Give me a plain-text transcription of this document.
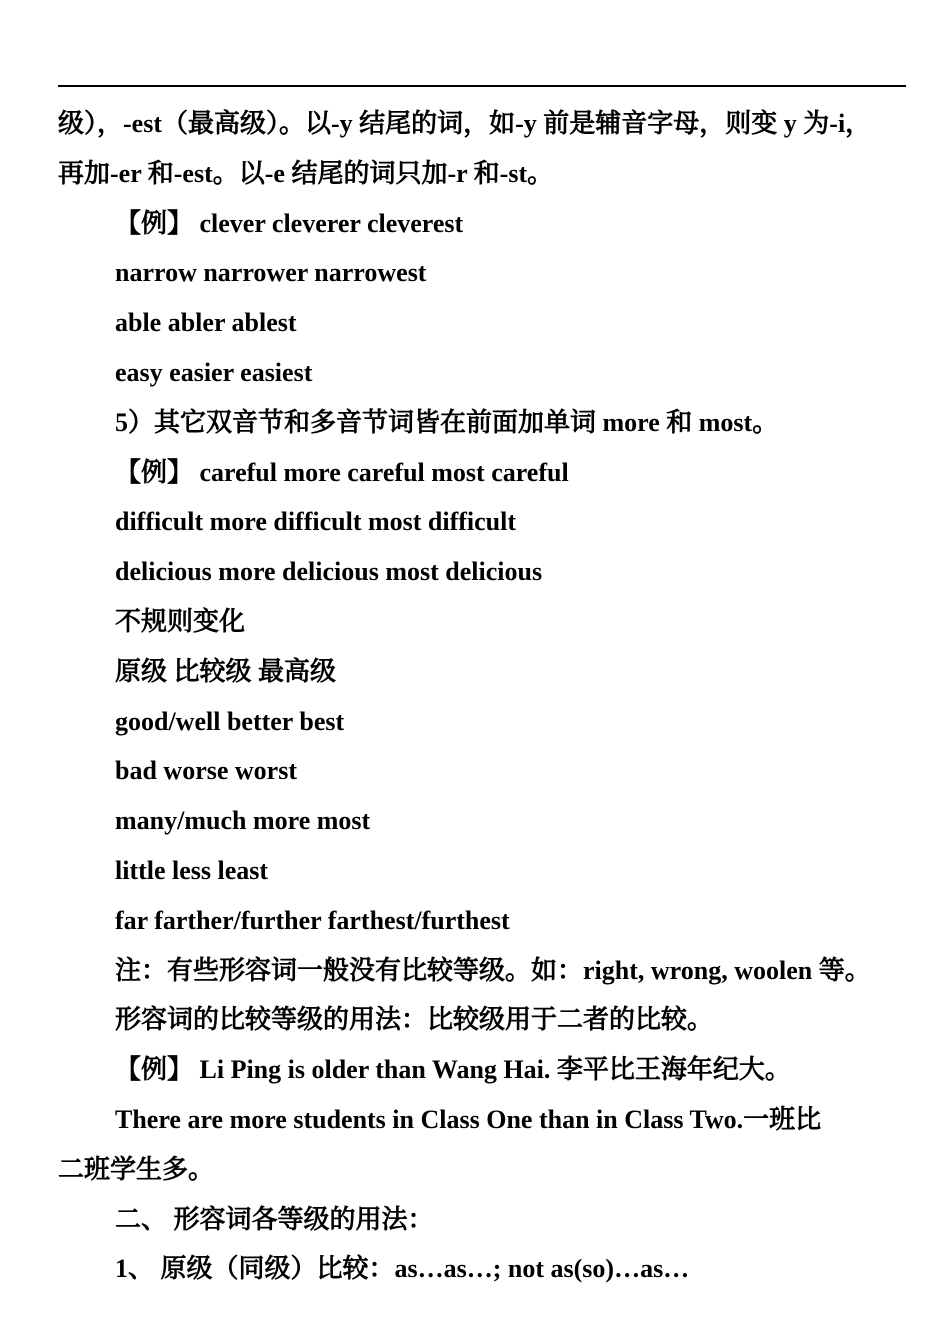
级），-est（最高级）。以-y 结尾的词，如-y 前是辅音字母，则变 y 为-i，
再加-er 和-est。以-e 结尾的词只加-r 和-st。
【例】 clever cleverer cleverest
narrow narrower narrowest
able abler ablest
easy easier easiest
5）其它双音节和多音节词皆在前面加单词 more 和 most。
【例】 careful more careful most careful
difficult more difficult most difficult
delicious more delicious most delicious
不规则变化
原级 比较级 最高级
good/well better best
bad worse worst
many/much more most
little less least
far farther/further farthest/furthest
注：有些形容词一般没有比较等级。如：right, wrong, woolen 等。
形容词的比较等级的用法：比较级用于二者的比较。
【例】 Li Ping is older than Wang Hai. 李平比王海年纪大。
There are more students in Class One than in Class Two.一班比
二班学生多。
二、 形容词各等级的用法：
1、 原级（同级）比较：as…as…; not as(so)…as…
